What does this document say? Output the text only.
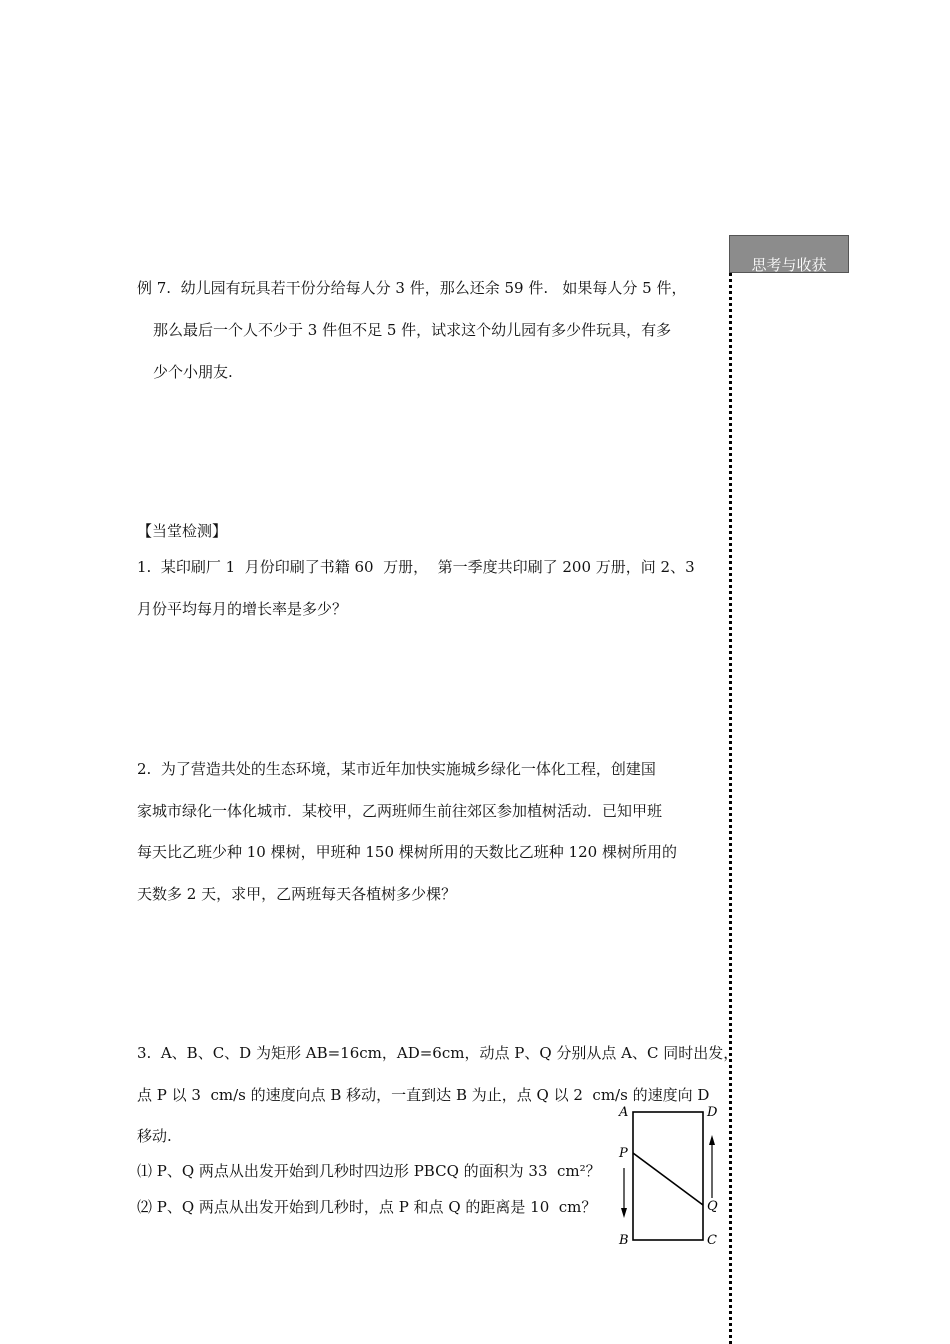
思考与收获
例 7.  幼儿园有玩具若干份分给每人分 3 件，那么还余 59 件.   如果每人分 5 件，
那么最后一个人不少于 3 件但不足 5 件，试求这个幼儿园有多少件玩具，有多
少个小朋友.
【当堂检测】
1.  某印刷厂 1  月份印刷了书籍 60  万册，  第一季度共印刷了 200 万册，问 2、3
月份平均每月的增长率是多少？
2.  为了营造共处的生态环境，某市近年加快实施城乡绿化一体化工程，创建国
家城市绿化一体化城市．某校甲，乙两班师生前往郊区参加植树活动．已知甲班
每天比乙班少种 10 棵树，甲班种 150 棵树所用的天数比乙班种 120 棵树所用的
天数多 2 天，求甲，乙两班每天各植树多少棵？
3.  A、B、C、D 为矩形 AB=16cm，AD=6cm，动点 P、Q 分别从点 A、C 同时出发，
点 P 以 3  cm/s 的速度向点 B 移动，一直到达 B 为止，点 Q 以 2  cm/s 的速度向 D
移动.
⑴ P、Q 两点从出发开始到几秒时四边形 PBCQ 的面积为 33  cm²？
⑵ P、Q 两点从出发开始到几秒时，点 P 和点 Q 的距离是 10  cm？
A	D
P
Q
B	C
